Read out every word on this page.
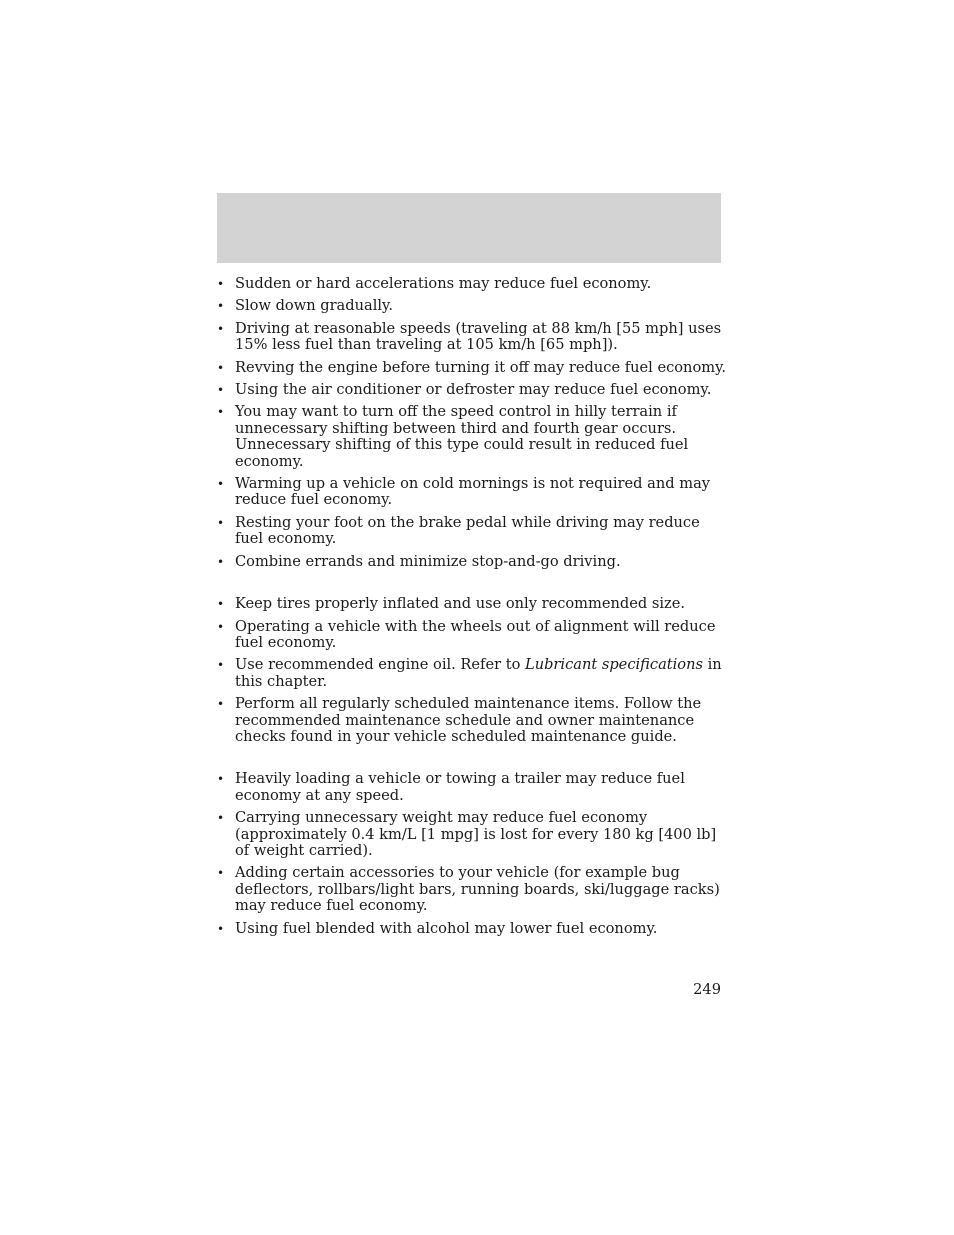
• Sudden or hard accelerations may reduce fuel economy.
• Slow down gradually.
• Driving at reasonable speeds (traveling at 88 km/h [55 mph] uses 15% less fuel than traveling at 105 km/h [65 mph]).
• Revving the engine before turning it off may reduce fuel economy.
• Using the air conditioner or defroster may reduce fuel economy.
• You may want to turn off the speed control in hilly terrain if unnecessary shifting between third and fourth gear occurs. Unnecessary shifting of this type could result in reduced fuel economy.
• Warming up a vehicle on cold mornings is not required and may reduce fuel economy.
• Resting your foot on the brake pedal while driving may reduce fuel economy.
• Combine errands and minimize stop-and-go driving.
• Keep tires properly inflated and use only recommended size.
• Operating a vehicle with the wheels out of alignment will reduce fuel economy.
• Use recommended engine oil. Refer to Lubricant specifications in this chapter.
• Perform all regularly scheduled maintenance items. Follow the recommended maintenance schedule and owner maintenance checks found in your vehicle scheduled maintenance guide.
• Heavily loading a vehicle or towing a trailer may reduce fuel economy at any speed.
• Carrying unnecessary weight may reduce fuel economy (approximately 0.4 km/L [1 mpg] is lost for every 180 kg [400 lb] of weight carried).
• Adding certain accessories to your vehicle (for example bug deflectors, rollbars/light bars, running boards, ski/luggage racks) may reduce fuel economy.
• Using fuel blended with alcohol may lower fuel economy.
249
